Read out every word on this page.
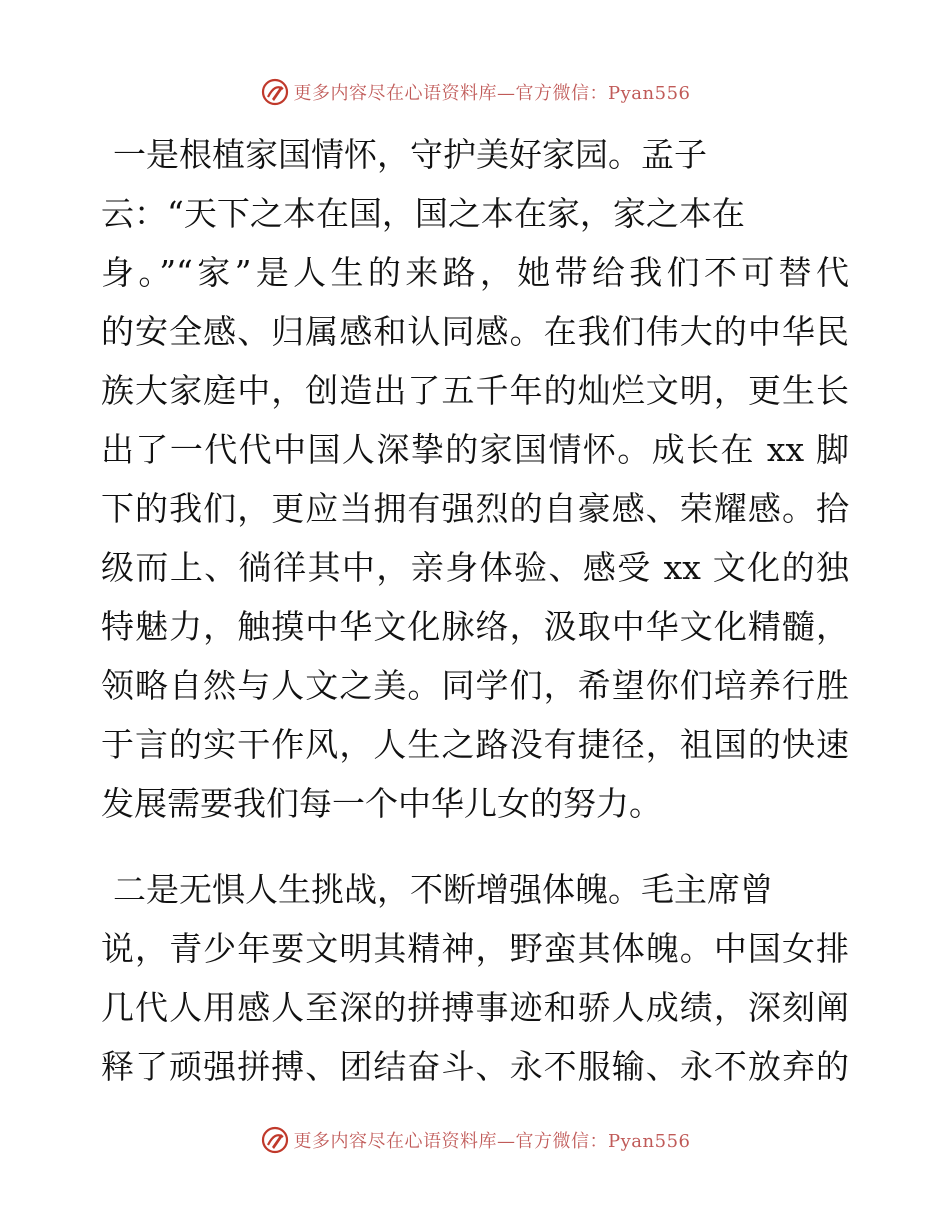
更多内容尽在心语资料库—官方微信：Pyan556

一是根植家国情怀，守护美好家园。孟子

云：“天下之本在国，国之本在家，家之本在

身。”“家”是人生的来路，她带给我们不可替代

的安全感、归属感和认同感。在我们伟大的中华民

族大家庭中，创造出了五千年的灿烂文明，更生长

出了一代代中国人深挚的家国情怀。成长在 xx 脚

下的我们，更应当拥有强烈的自豪感、荣耀感。拾

级而上、徜徉其中，亲身体验、感受 xx 文化的独

特魅力，触摸中华文化脉络，汲取中华文化精髓，

领略自然与人文之美。同学们，希望你们培养行胜

于言的实干作风，人生之路没有捷径，祖国的快速

发展需要我们每一个中华儿女的努力。

二是无惧人生挑战，不断增强体魄。毛主席曾

说，青少年要文明其精神，野蛮其体魄。中国女排

几代人用感人至深的拼搏事迹和骄人成绩，深刻阐

释了顽强拼搏、团结奋斗、永不服输、永不放弃的

更多内容尽在心语资料库—官方微信：Pyan556
